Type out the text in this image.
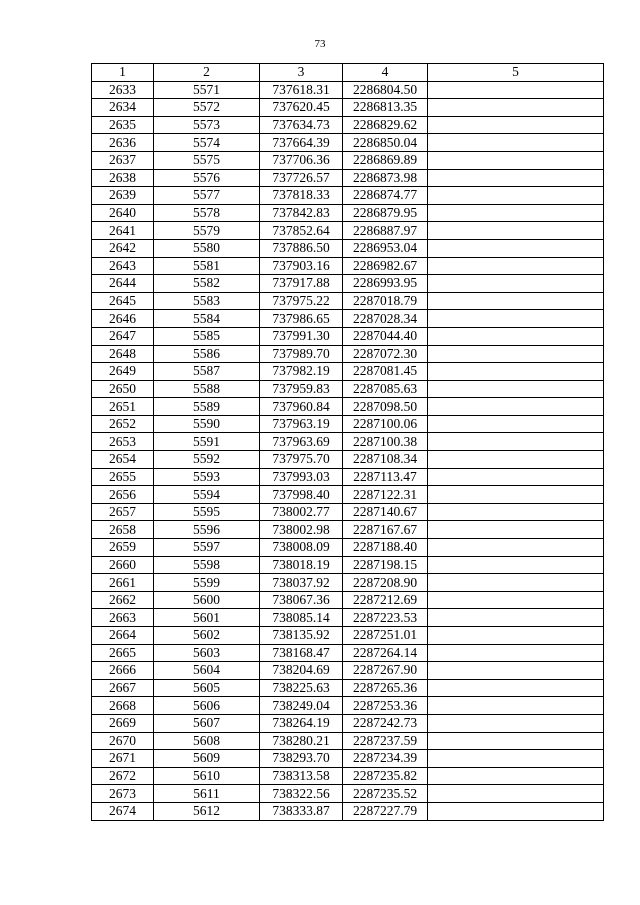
73
1	2	3	4	5
2633	5571	737618.31	2286804.50	
2634	5572	737620.45	2286813.35	
2635	5573	737634.73	2286829.62	
2636	5574	737664.39	2286850.04	
2637	5575	737706.36	2286869.89	
2638	5576	737726.57	2286873.98	
2639	5577	737818.33	2286874.77	
2640	5578	737842.83	2286879.95	
2641	5579	737852.64	2286887.97	
2642	5580	737886.50	2286953.04	
2643	5581	737903.16	2286982.67	
2644	5582	737917.88	2286993.95	
2645	5583	737975.22	2287018.79	
2646	5584	737986.65	2287028.34	
2647	5585	737991.30	2287044.40	
2648	5586	737989.70	2287072.30	
2649	5587	737982.19	2287081.45	
2650	5588	737959.83	2287085.63	
2651	5589	737960.84	2287098.50	
2652	5590	737963.19	2287100.06	
2653	5591	737963.69	2287100.38	
2654	5592	737975.70	2287108.34	
2655	5593	737993.03	2287113.47	
2656	5594	737998.40	2287122.31	
2657	5595	738002.77	2287140.67	
2658	5596	738002.98	2287167.67	
2659	5597	738008.09	2287188.40	
2660	5598	738018.19	2287198.15	
2661	5599	738037.92	2287208.90	
2662	5600	738067.36	2287212.69	
2663	5601	738085.14	2287223.53	
2664	5602	738135.92	2287251.01	
2665	5603	738168.47	2287264.14	
2666	5604	738204.69	2287267.90	
2667	5605	738225.63	2287265.36	
2668	5606	738249.04	2287253.36	
2669	5607	738264.19	2287242.73	
2670	5608	738280.21	2287237.59	
2671	5609	738293.70	2287234.39	
2672	5610	738313.58	2287235.82	
2673	5611	738322.56	2287235.52	
2674	5612	738333.87	2287227.79	
